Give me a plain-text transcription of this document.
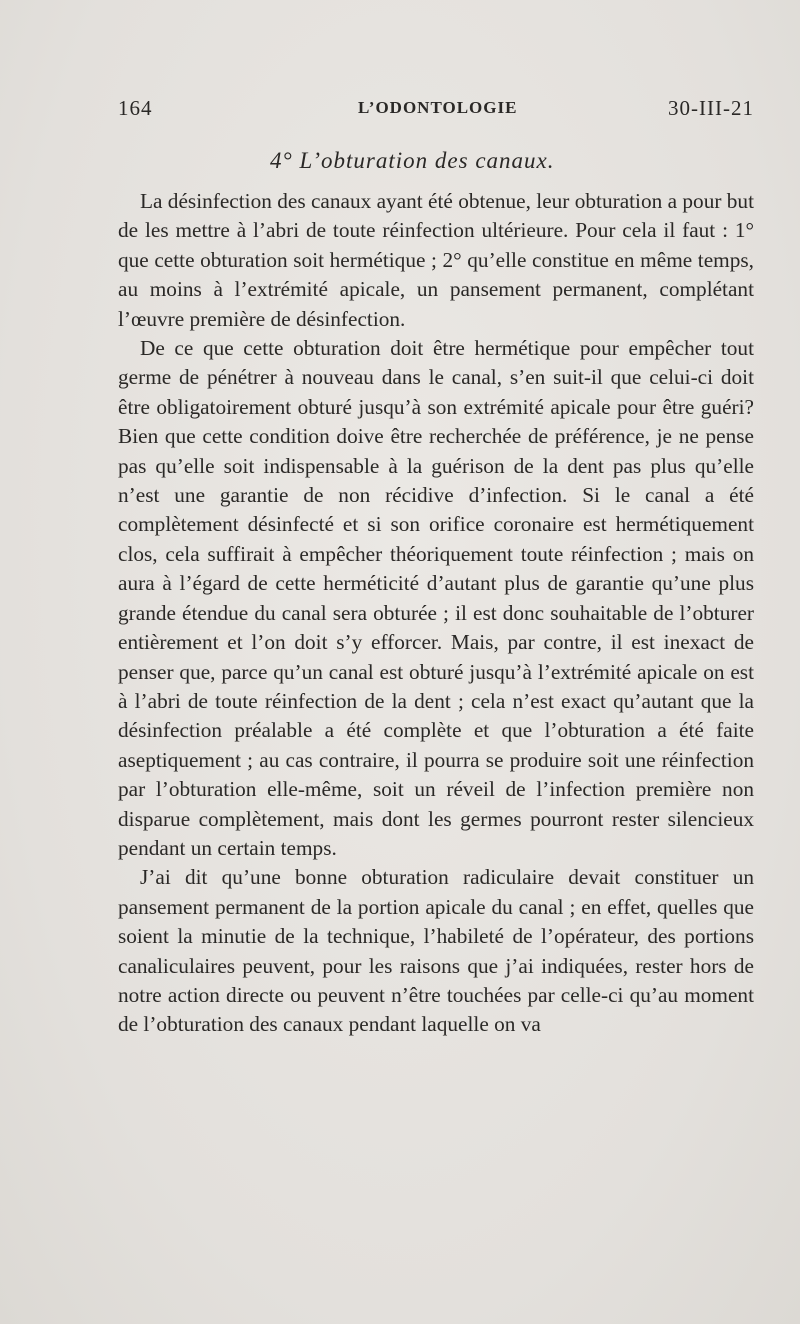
164	L’ODONTOLOGIE	30-III-21
4° L’obturation des canaux.

La désinfection des canaux ayant été obtenue, leur obturation a pour but de les mettre à l’abri de toute réinfection ultérieure. Pour cela il faut : 1° que cette obturation soit hermétique ; 2° qu’elle constitue en même temps, au moins à l’extrémité apicale, un pansement permanent, complétant l’œuvre première de désinfection.

De ce que cette obturation doit être hermétique pour empêcher tout germe de pénétrer à nouveau dans le canal, s’en suit-il que celui-ci doit être obligatoirement obturé jusqu’à son extrémité apicale pour être guéri? Bien que cette condition doive être recherchée de préférence, je ne pense pas qu’elle soit indispensable à la guérison de la dent pas plus qu’elle n’est une garantie de non récidive d’infection. Si le canal a été complètement désinfecté et si son orifice coronaire est hermétiquement clos, cela suffirait à empêcher théoriquement toute réinfection ; mais on aura à l’égard de cette herméticité d’autant plus de garantie qu’une plus grande étendue du canal sera obturée ; il est donc souhaitable de l’obturer entièrement et l’on doit s’y efforcer. Mais, par contre, il est inexact de penser que, parce qu’un canal est obturé jusqu’à l’extrémité apicale on est à l’abri de toute réinfection de la dent ; cela n’est exact qu’autant que la désinfection préalable a été complète et que l’obturation a été faite aseptiquement ; au cas contraire, il pourra se produire soit une réinfection par l’obturation elle-même, soit un réveil de l’infection première non disparue complètement, mais dont les germes pourront rester silencieux pendant un certain temps.

J’ai dit qu’une bonne obturation radiculaire devait constituer un pansement permanent de la portion apicale du canal ; en effet, quelles que soient la minutie de la technique, l’habileté de l’opérateur, des portions canaliculaires peuvent, pour les raisons que j’ai indiquées, rester hors de notre action directe ou peuvent n’être touchées par celle-ci qu’au moment de l’obturation des canaux pendant laquelle on va
